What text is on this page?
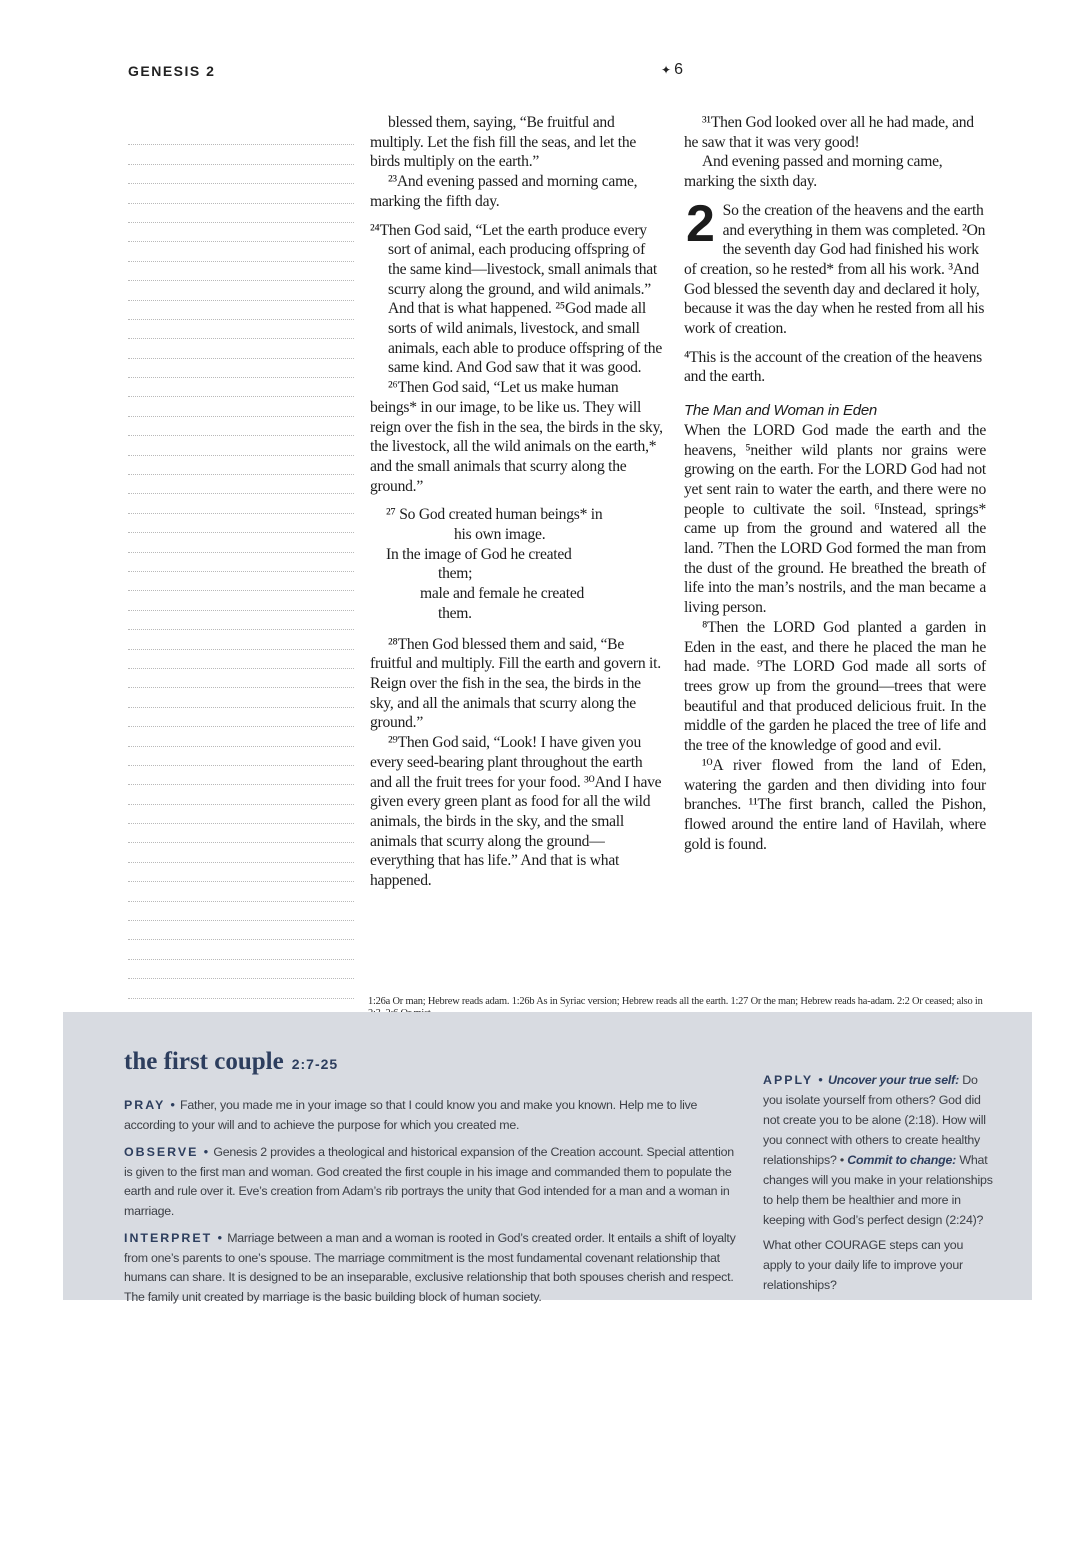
GENESIS 2	✦ 6

blessed them, saying, “Be fruitful and multiply. Let the fish fill the seas, and let the birds multiply on the earth.”

²³And evening passed and morning came, marking the fifth day.

²⁴Then God said, “Let the earth produce every sort of animal, each producing offspring of the same kind—livestock, small animals that scurry along the ground, and wild animals.” And that is what happened. ²⁵God made all sorts of wild animals, livestock, and small animals, each able to produce offspring of the same kind. And God saw that it was good.

²⁶Then God said, “Let us make human beings* in our image, to be like us. They will reign over the fish in the sea, the birds in the sky, the livestock, all the wild animals on the earth,* and the small animals that scurry along the ground.”

²⁷ So God created human beings* in

his own image.

In the image of God he created

them;

male and female he created

them.

²⁸Then God blessed them and said, “Be fruitful and multiply. Fill the earth and govern it. Reign over the fish in the sea, the birds in the sky, and all the animals that scurry along the ground.”

²⁹Then God said, “Look! I have given you every seed-bearing plant throughout the earth and all the fruit trees for your food. ³⁰And I have given every green plant as food for all the wild animals, the birds in the sky, and the small animals that scurry along the ground—everything that has life.” And that is what happened.

³¹Then God looked over all he had made, and he saw that it was very good!

And evening passed and morning came, marking the sixth day.

2 So the creation of the heavens and the earth and everything in them was completed. ²On the seventh day God had finished his work of creation, so he rested* from all his work. ³And God blessed the seventh day and declared it holy, because it was the day when he rested from all his work of creation.

⁴This is the account of the creation of the heavens and the earth.

The Man and Woman in Eden

When the LORD God made the earth and the heavens, ⁵neither wild plants nor grains were growing on the earth. For the LORD God had not yet sent rain to water the earth, and there were no people to cultivate the soil. ⁶Instead, springs* came up from the ground and watered all the land. ⁷Then the LORD God formed the man from the dust of the ground. He breathed the breath of life into the man’s nostrils, and the man became a living person.

⁸Then the LORD God planted a garden in Eden in the east, and there he placed the man he had made. ⁹The LORD God made all sorts of trees grow up from the ground—trees that were beautiful and that produced delicious fruit. In the middle of the garden he placed the tree of life and the tree of the knowledge of good and evil.

¹⁰A river flowed from the land of Eden, watering the garden and then dividing into four branches. ¹¹The first branch, called the Pishon, flowed around the entire land of Havilah, where gold is found.

1:26a Or man; Hebrew reads adam. 1:26b As in Syriac version; Hebrew reads all the earth. 1:27 Or the man; Hebrew reads ha-adam. 2:2 Or ceased; also in
the first couple 2:7-25

PRAY • Father, you made me in your image so that I could know you and make you known. Help me to live according to your will and to achieve the purpose for which you created me.

OBSERVE • Genesis 2 provides a theological and historical expansion of the Creation account. Special attention is given to the first man and woman. God created the first couple in his image and commanded them to populate the earth and rule over it. Eve’s creation from Adam’s rib portrays the unity that God intended for a man and a woman in marriage.

INTERPRET • Marriage between a man and a woman is rooted in God’s created order. It entails a shift of loyalty from one’s parents to one’s spouse. The marriage commitment is the most fundamental covenant relationship that humans can share. It is designed to be an inseparable, exclusive relationship that both spouses cherish and respect. The family unit created by marriage is the basic building block of human society.

APPLY • Uncover your true self: Do you isolate yourself from others? God did not create you to be alone (2:18). How will you connect with others to create healthy relationships? • Commit to change: What changes will you make in your relationships to help them be healthier and more in keeping with God’s perfect design (2:24)?

What other COURAGE steps can you apply to your daily life to improve your relationships?
